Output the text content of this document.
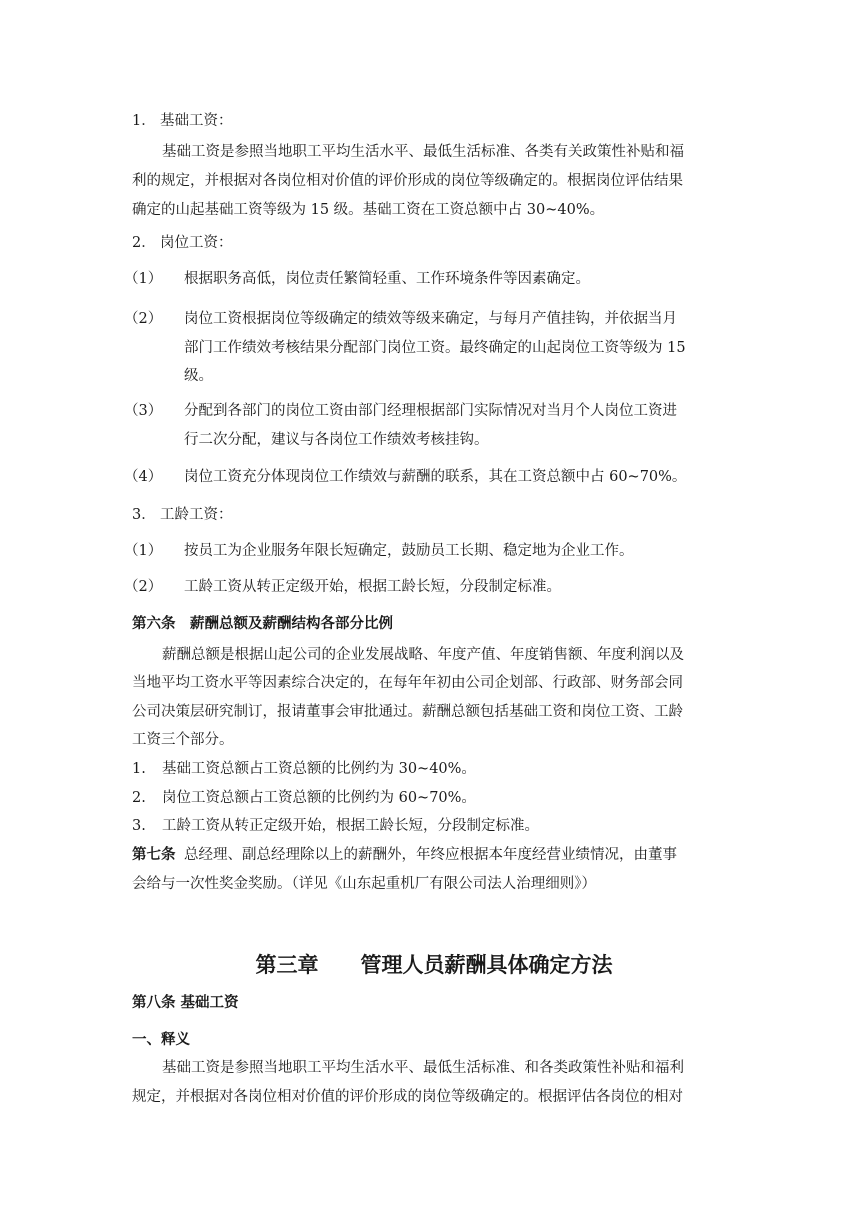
1． 基础工资：
基础工资是参照当地职工平均生活水平、最低生活标准、各类有关政策性补贴和福
利的规定，并根据对各岗位相对价值的评价形成的岗位等级确定的。根据岗位评估结果
确定的山起基础工资等级为 15 级。基础工资在工资总额中占 30~40%。
2． 岗位工资：
（1） 根据职务高低，岗位责任繁简轻重、工作环境条件等因素确定。
（2） 岗位工资根据岗位等级确定的绩效等级来确定，与每月产值挂钩，并依据当月
部门工作绩效考核结果分配部门岗位工资。最终确定的山起岗位工资等级为 15
级。
（3） 分配到各部门的岗位工资由部门经理根据部门实际情况对当月个人岗位工资进
行二次分配，建议与各岗位工作绩效考核挂钩。
（4） 岗位工资充分体现岗位工作绩效与薪酬的联系，其在工资总额中占 60~70%。
3． 工龄工资：
（1） 按员工为企业服务年限长短确定，鼓励员工长期、稳定地为企业工作。
（2） 工龄工资从转正定级开始，根据工龄长短，分段制定标准。
第六条　薪酬总额及薪酬结构各部分比例
薪酬总额是根据山起公司的企业发展战略、年度产值、年度销售额、年度利润以及
当地平均工资水平等因素综合决定的，在每年年初由公司企划部、行政部、财务部会同
公司决策层研究制订，报请董事会审批通过。薪酬总额包括基础工资和岗位工资、工龄
工资三个部分。
1. 基础工资总额占工资总额的比例约为 30~40%。
2. 岗位工资总额占工资总额的比例约为 60~70%。
3. 工龄工资从转正定级开始，根据工龄长短，分段制定标准。
第七条 总经理、副总经理除以上的薪酬外，年终应根据本年度经营业绩情况，由董事
会给与一次性奖金奖励。（详见《山东起重机厂有限公司法人治理细则》）
第三章　　管理人员薪酬具体确定方法
第八条 基础工资
一、释义
基础工资是参照当地职工平均生活水平、最低生活标准、和各类政策性补贴和福利
规定，并根据对各岗位相对价值的评价形成的岗位等级确定的。根据评估各岗位的相对
